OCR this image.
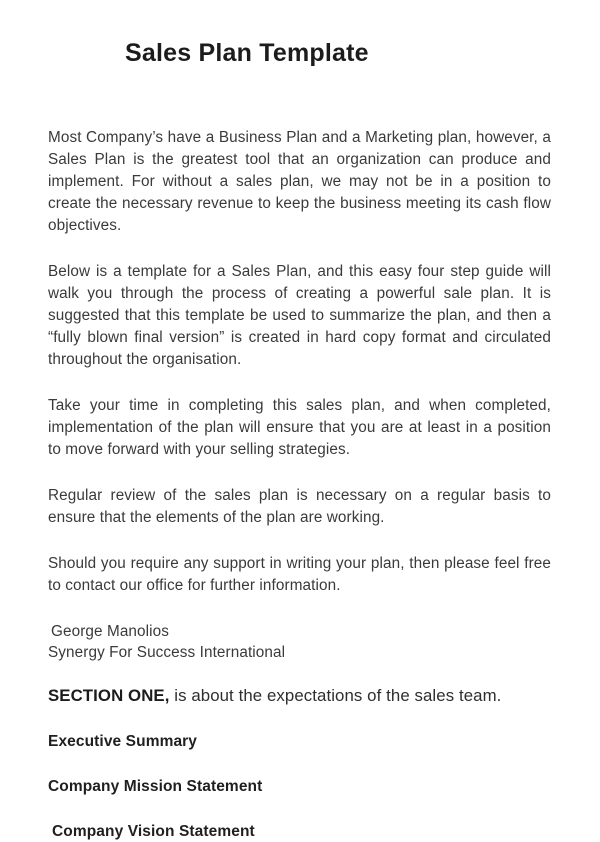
Sales Plan Template

Most Company’s have a Business Plan and a Marketing plan, however, a Sales Plan is the greatest tool that an organization can produce and implement. For without a sales plan, we may not be in a position to create the necessary revenue to keep the business meeting its cash flow objectives.

Below is a template for a Sales Plan, and this easy four step guide will walk you through the process of creating a powerful sale plan. It is suggested that this template be used to summarize the plan, and then a “fully blown final version” is created in hard copy format and circulated throughout the organisation.

Take your time in completing this sales plan, and when completed, implementation of the plan will ensure that you are at least in a position to move forward with your selling strategies.

Regular review of the sales plan is necessary on a regular basis to ensure that the elements of the plan are working.

Should you require any support in writing your plan, then please feel free to contact our office for further information.

George Manolios

Synergy For Success International

SECTION ONE, is about the expectations of the sales team.

Executive Summary
Company Mission Statement
Company Vision Statement
